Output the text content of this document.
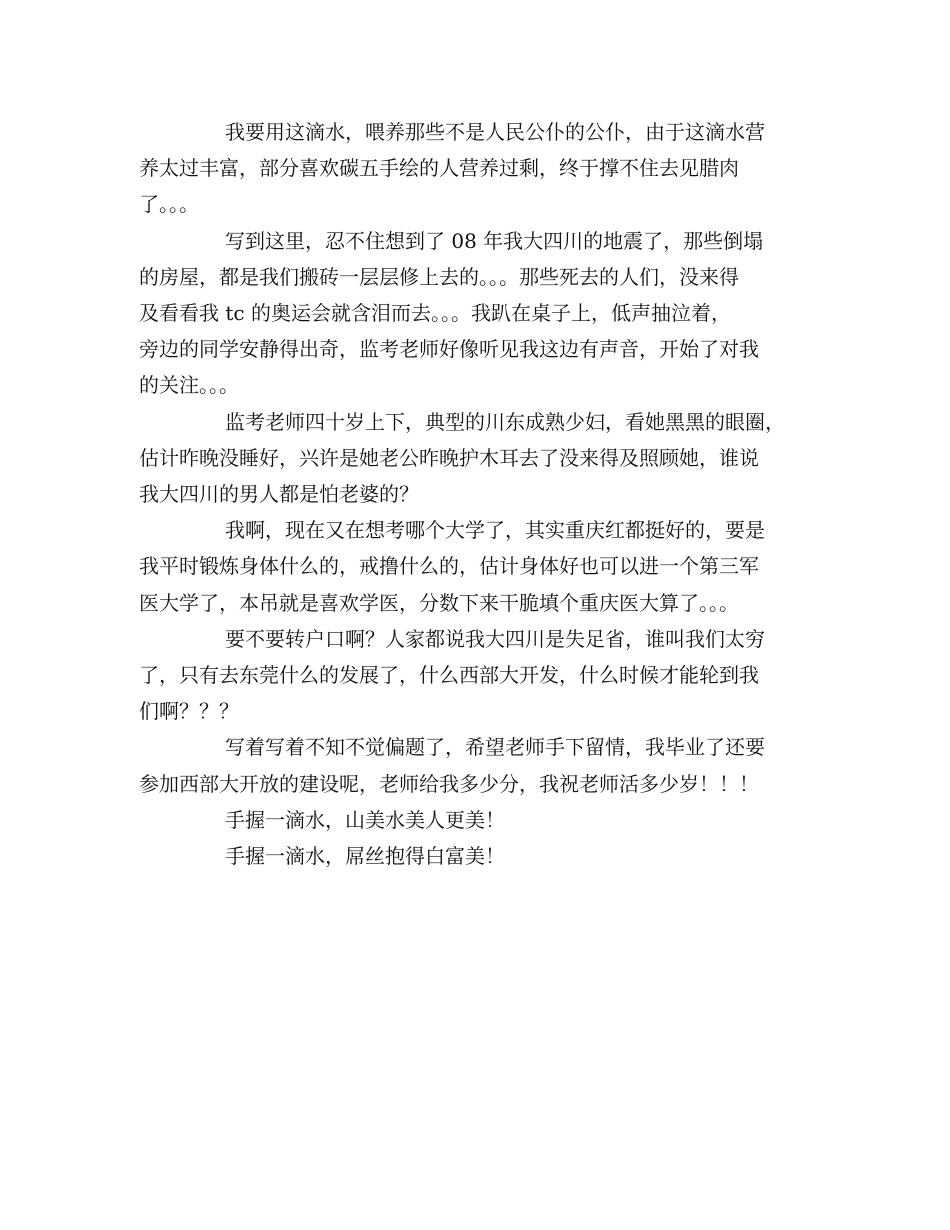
我要用这滴水，喂养那些不是人民公仆的公仆，由于这滴水营
养太过丰富，部分喜欢碳五手绘的人营养过剩，终于撑不住去见腊肉
了。。。

写到这里，忍不住想到了 08 年我大四川的地震了，那些倒塌
的房屋，都是我们搬砖一层层修上去的。。。那些死去的人们，没来得
及看看我 tc 的奥运会就含泪而去。。。我趴在桌子上，低声抽泣着，
旁边的同学安静得出奇，监考老师好像听见我这边有声音，开始了对我
的关注。。。

监考老师四十岁上下，典型的川东成熟少妇，看她黑黑的眼圈，
估计昨晚没睡好，兴许是她老公昨晚护木耳去了没来得及照顾她，谁说
我大四川的男人都是怕老婆的？

我啊，现在又在想考哪个大学了，其实重庆红都挺好的，要是
我平时锻炼身体什么的，戒撸什么的，估计身体好也可以进一个第三军
医大学了，本吊就是喜欢学医，分数下来干脆填个重庆医大算了。。。

要不要转户口啊？人家都说我大四川是失足省，谁叫我们太穷
了，只有去东莞什么的发展了，什么西部大开发，什么时候才能轮到我
们啊？？？

写着写着不知不觉偏题了，希望老师手下留情，我毕业了还要
参加西部大开放的建设呢，老师给我多少分，我祝老师活多少岁！！！

手握一滴水，山美水美人更美！

手握一滴水，屌丝抱得白富美！
